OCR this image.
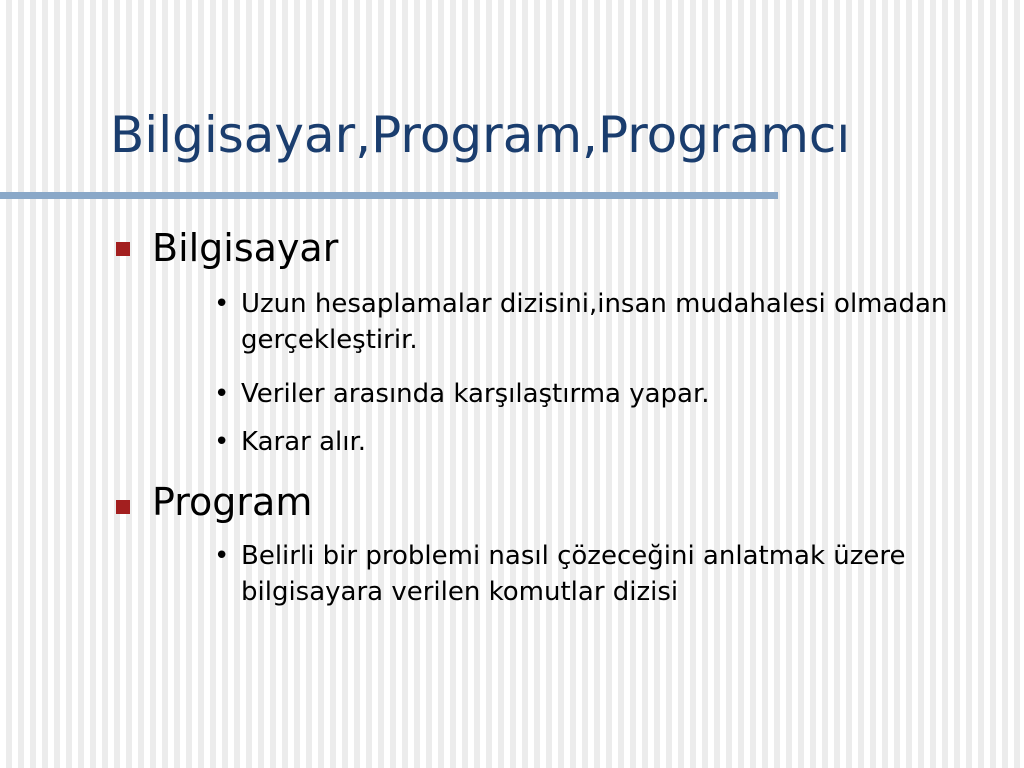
Bilgisayar,Program,Programcı
Bilgisayar
• Uzun hesaplamalar dizisini,insan mudahalesi olmadan gerçekleştirir.
• Veriler arasında karşılaştırma yapar.
• Karar alır.
Program
• Belirli bir problemi nasıl çözeceğini anlatmak üzere bilgisayara verilen komutlar dizisi
